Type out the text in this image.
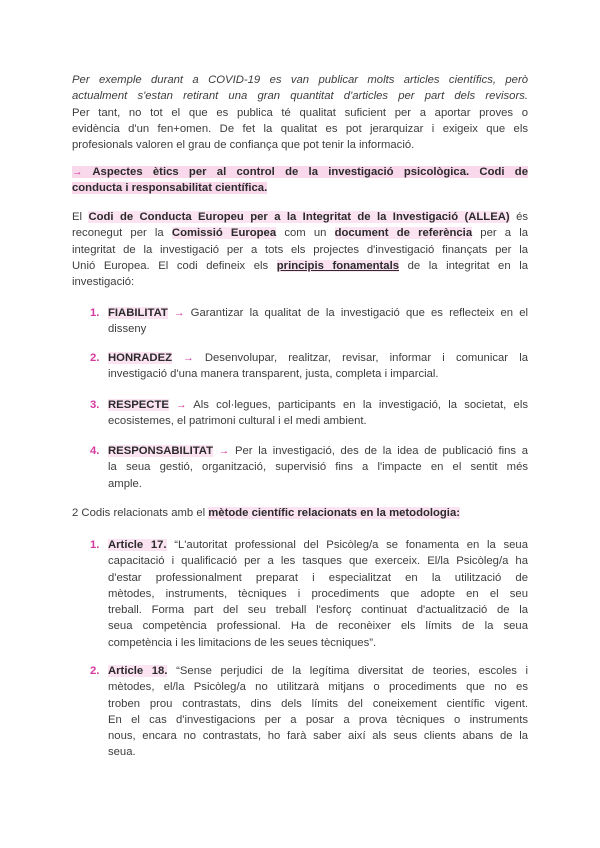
Per exemple durant a COVID-19 es van publicar molts articles científics, però
actualment s'estan retirant una gran quantitat d'articles per part dels revisors.
Per tant, no tot el que es publica té qualitat suficient per a aportar proves o
evidència d'un fen+omen. De fet la qualitat es pot jerarquizar i exigeix que els
profesionals valoren el grau de confiança que pot tenir la informació.
→ Aspectes ètics per al control de la investigació psicològica. Codi de
conducta i responsabilitat científica.
El Codi de Conducta Europeu per a la Integritat de la Investigació (ALLEA) és
reconegut per la Comissió Europea com un document de referència per a la
integritat de la investigació per a tots els projectes d'investigació finançats per la
Unió Europea. El codi defineix els principis fonamentals de la integritat en la
investigació:
1. FIABILITAT → Garantizar la qualitat de la investigació que es reflecteix en el
disseny
2. HONRADEZ → Desenvolupar, realitzar, revisar, informar i comunicar la
investigació d'una manera transparent, justa, completa i imparcial.
3. RESPECTE → Als col·legues, participants en la investigació, la societat, els
ecosistemes, el patrimoni cultural i el medi ambient.
4. RESPONSABILITAT → Per la investigació, des de la idea de publicació fins a
la seua gestió, organització, supervisió fins a l'impacte en el sentit més
ample.
2 Codis relacionats amb el mètode científic relacionats en la metodologia:
1. Article 17. “L'autoritat professional del Psicòleg/a se fonamenta en la seua
capacitació i qualificació per a les tasques que exerceix. El/la Psicòleg/a ha
d'estar professionalment preparat i especialitzat en la utilització de
mètodes, instruments, tècniques i procediments que adopte en el seu
treball. Forma part del seu treball l'esforç continuat d'actualització de la
seua competència professional. Ha de reconèixer els límits de la seua
competència i les limitacions de les seues tècniques”.
2. Article 18. “Sense perjudici de la legítima diversitat de teories, escoles i
mètodes, el/la Psicòleg/a no utilitzarà mitjans o procediments que no es
troben prou contrastats, dins dels límits del coneixement científic vigent.
En el cas d'investigacions per a posar a prova tècniques o instruments
nous, encara no contrastats, ho farà saber així als seus clients abans de la
seua.
